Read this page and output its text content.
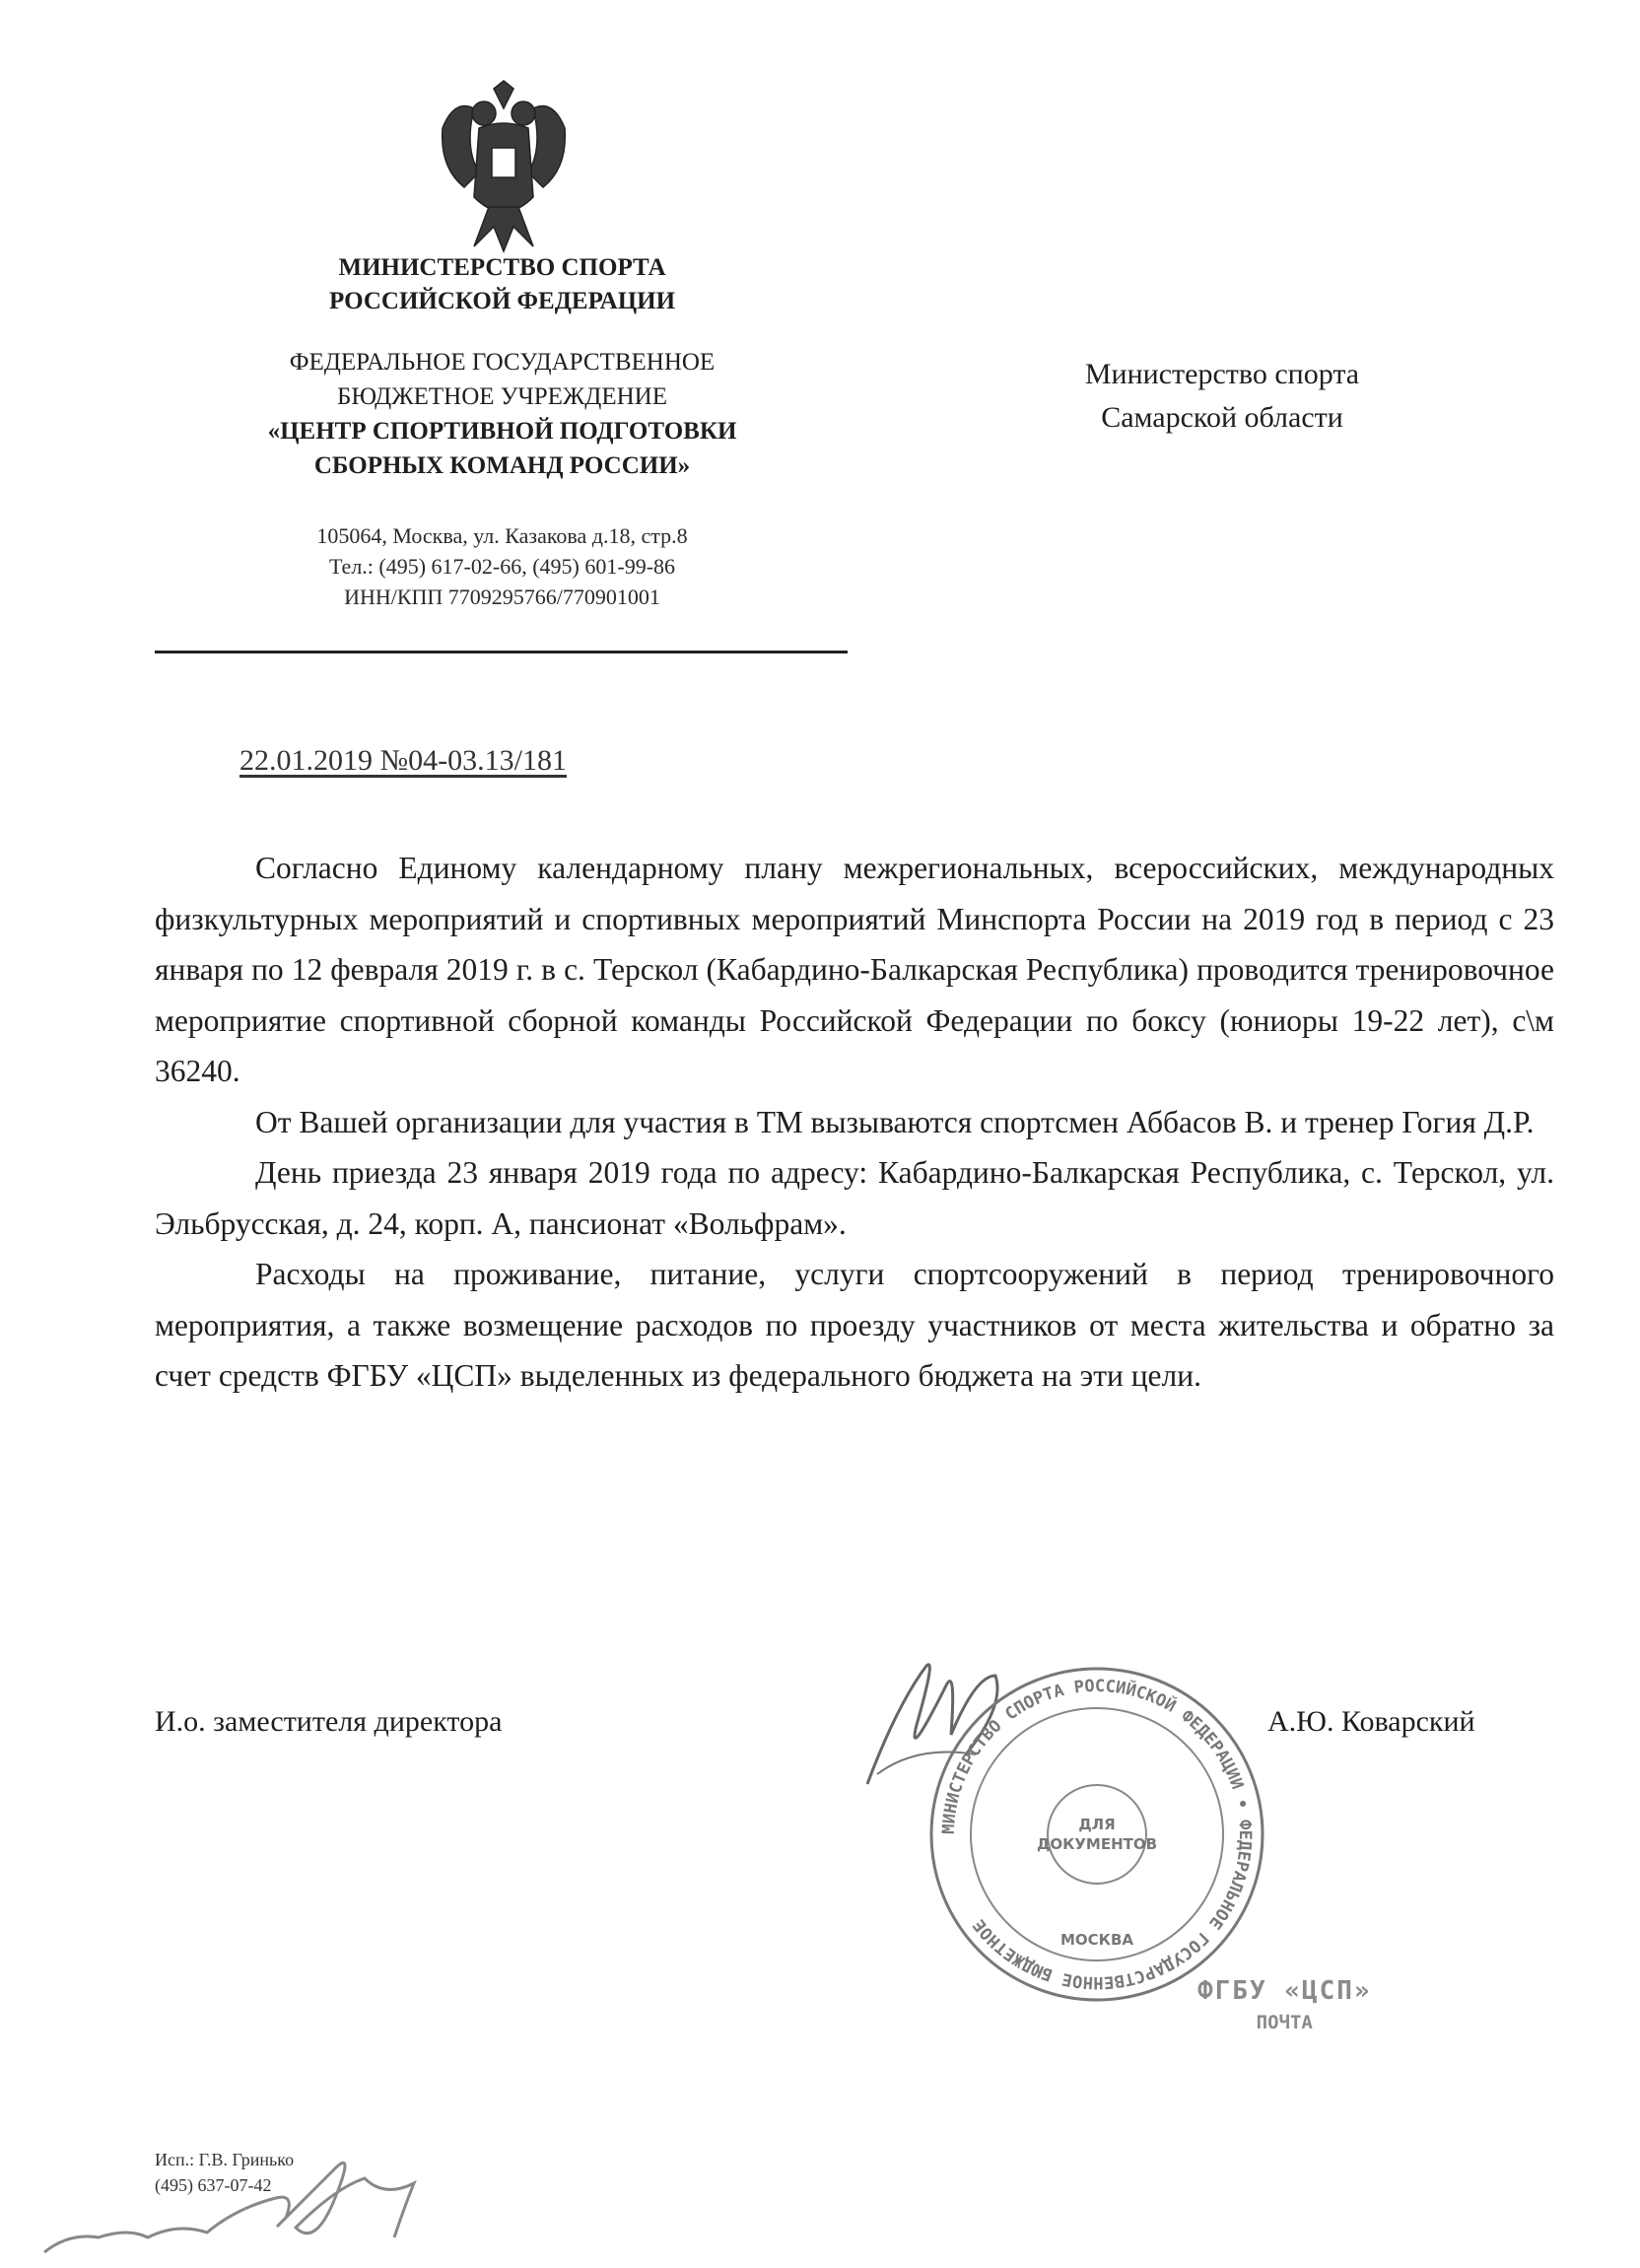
МИНИСТЕРСТВО СПОРТА
РОССИЙСКОЙ ФЕДЕРАЦИИ
ФЕДЕРАЛЬНОЕ ГОСУДАРСТВЕННОЕ
БЮДЖЕТНОЕ УЧРЕЖДЕНИЕ
«ЦЕНТР СПОРТИВНОЙ ПОДГОТОВКИ
СБОРНЫХ КОМАНД РОССИИ»
105064, Москва, ул. Казакова д.18, стр.8
Тел.: (495) 617-02-66, (495) 601-99-86
ИНН/КПП 7709295766/770901001
Министерство спорта
Самарской области
22.01.2019 №04-03.13/181

Согласно Единому календарному плану межрегиональных, всероссийских, международных физкультурных мероприятий и спортивных мероприятий Минспорта России на 2019 год в период с 23 января по 12 февраля 2019 г. в с. Терскол (Кабардино-Балкарская Республика) проводится тренировочное мероприятие спортивной сборной команды Российской Федерации по боксу (юниоры 19-22 лет), с\м 36240.

От Вашей организации для участия в ТМ вызываются спортсмен Аббасов В. и тренер Гогия Д.Р.

День приезда 23 января 2019 года по адресу: Кабардино-Балкарская Республика, с. Терскол, ул. Эльбрусская, д. 24, корп. А, пансионат «Вольфрам».

Расходы на проживание, питание, услуги спортсооружений в период тренировочного мероприятия, а также возмещение расходов по проезду участников от места жительства и обратно за счет средств ФГБУ «ЦСП» выделенных из федерального бюджета на эти цели.

И.о. заместителя директора	А.Ю. Коварский
МИНИСТЕРСТВО СПОРТА РОССИЙСКОЙ ФЕДЕРАЦИИ • ФЕДЕРАЛЬНОЕ ГОСУДАРСТВЕННОЕ БЮДЖЕТНОЕ
ДЛЯ
ДОКУМЕНТОВ
МОСКВА
ФГБУ «ЦСП»
ПОЧТА
Исп.: Г.В. Гринько
(495) 637-07-42
